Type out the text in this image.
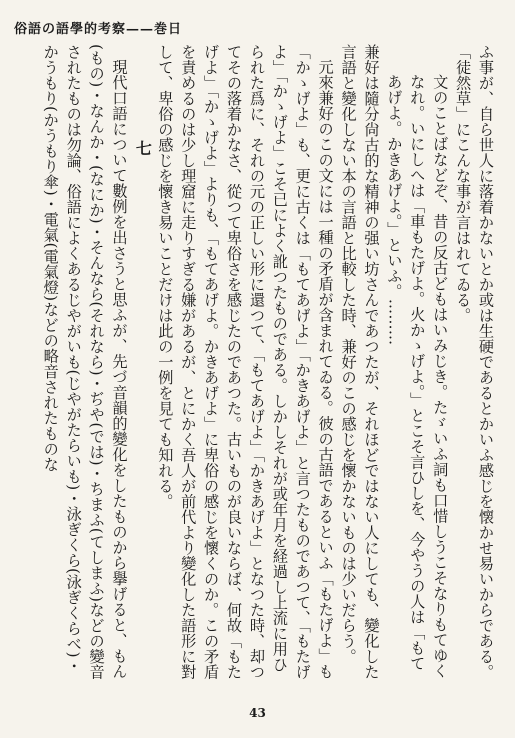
俗語の語學的考察——巻日

ふ事が、自ら世人に落着かないとか或は生硬であるとかいふ感じを懐かせ易いからである。「徒然草」にこんな事が言はれてゐる。

文のことばなどぞ、昔の反古どもはいみじき。たゞいふ詞も口惜しうこそなりもてゆくなれ。いにしへは「車もたげよ。火かゝげよ。」とこそ言ひしを、今やうの人は「もてあげよ。かきあげよ。」といふ。………

兼好は隨分尙古的な精神の强い坊さんであつたが、それほどではない人にしても、變化した言語と變化しない本の言語と比較した時、兼好のこの感じを懷かないものは少いだらう。

元來兼好のこの文には一種の矛盾が含まれてゐる。彼の古語であるといふ「もたげよ」も「かゝげよ」も、更に古くは「もてあげよ」「かきあげよ」と言つたものであつて、「もたげよ」「かゝげよ」こそ已によく訛つたものである。しかしそれが或年月を経過し上流に用ひられた爲に、それの元の正しい形に還つて、「もてあげよ」「かきあげよ」となつた時、却つてその落着かなさ、從つて卑俗さを感じたのであつた。古いものが良いならば、何故「もたげよ」「かゝげよ」よりも、「もてあげよ。かきあげよ」に卑俗の感じを懷くのか。この矛盾を責めるのは少し理窟に走りすぎる嫌があるが、とにかく吾人が前代より變化した語形に對して、卑俗の感じを懷き易いことだけは此の一例を見ても知れる。

七

現代口語について數例を出さうと思ふが、先づ音韻的變化をしたものから擧げると、もん(もの)・なんか・(なにか)・そんなら(それなら)・ぢや(では)・ちまふ(てしまふ)などの變音されたものは勿論、俗語によくあるじやがいも(じやがたらいも)・泳ぎくら(泳ぎくらべ)・かうもり(かうもり傘)・電氣(電氣燈)などの略音されたものな

43
